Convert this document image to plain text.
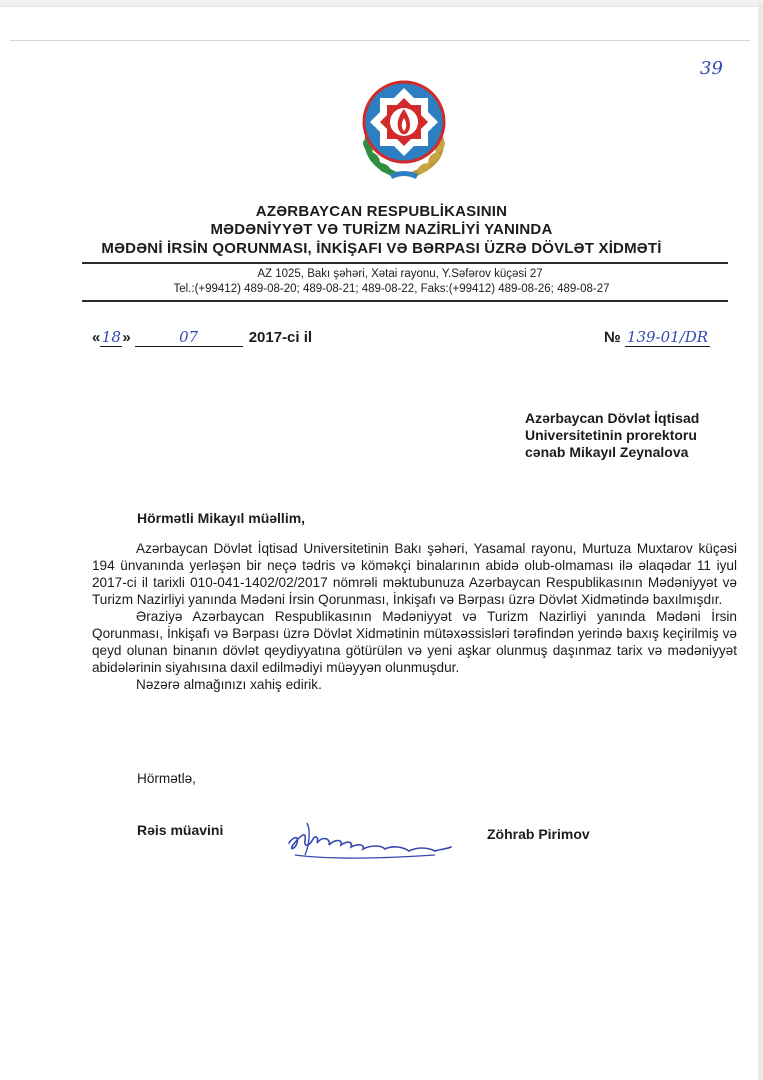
39
AZƏRBAYCAN RESPUBLİKASININ
MƏDƏNİYYƏT VƏ TURİZM NAZİRLİYİ YANINDA
MƏDƏNİ İRSİN QORUNMASI, İNKİŞAFI VƏ BƏRPASI ÜZRƏ DÖVLƏT XİDMƏTİ
AZ 1025, Bakı şəhəri, Xətai rayonu, Y.Səfərov küçəsi 27
Tel.:(+99412) 489-08-20; 489-08-21; 489-08-22, Faks:(+99412) 489-08-26; 489-08-27
«18»	07	2017-ci il	№ 139-01/DR
Azərbaycan Dövlət İqtisad
Universitetinin prorektoru
cənab Mikayıl Zeynalova
Hörmətli Mikayıl müəllim,

Azərbaycan Dövlət İqtisad Universitetinin Bakı şəhəri, Yasamal rayonu, Murtuza Muxtarov küçəsi 194 ünvanında yerləşən bir neçə tədris və köməkçi binalarının abidə olub-olmaması ilə əlaqədar 11 iyul 2017-ci il tarixli 010-041-1402/02/2017 nömrəli məktubunuza Azərbaycan Respublikasının Mədəniyyət və Turizm Nazirliyi yanında Mədəni İrsin Qorunması, İnkişafı və Bərpası üzrə Dövlət Xidmətində baxılmışdır.

Əraziyə Azərbaycan Respublikasının Mədəniyyət və Turizm Nazirliyi yanında Mədəni İrsin Qorunması, İnkişafı və Bərpası üzrə Dövlət Xidmətinin mütəxəssisləri tərəfindən yerində baxış keçirilmiş və qeyd olunan binanın dövlət qeydiyyatına götürülən və yeni aşkar olunmuş daşınmaz tarix və mədəniyyət abidələrinin siyahısına daxil edilmədiyi müəyyən olunmuşdur.

Nəzərə almağınızı xahiş edirik.

Hörmətlə,
Rəis müavini	Zöhrab Pirimov
